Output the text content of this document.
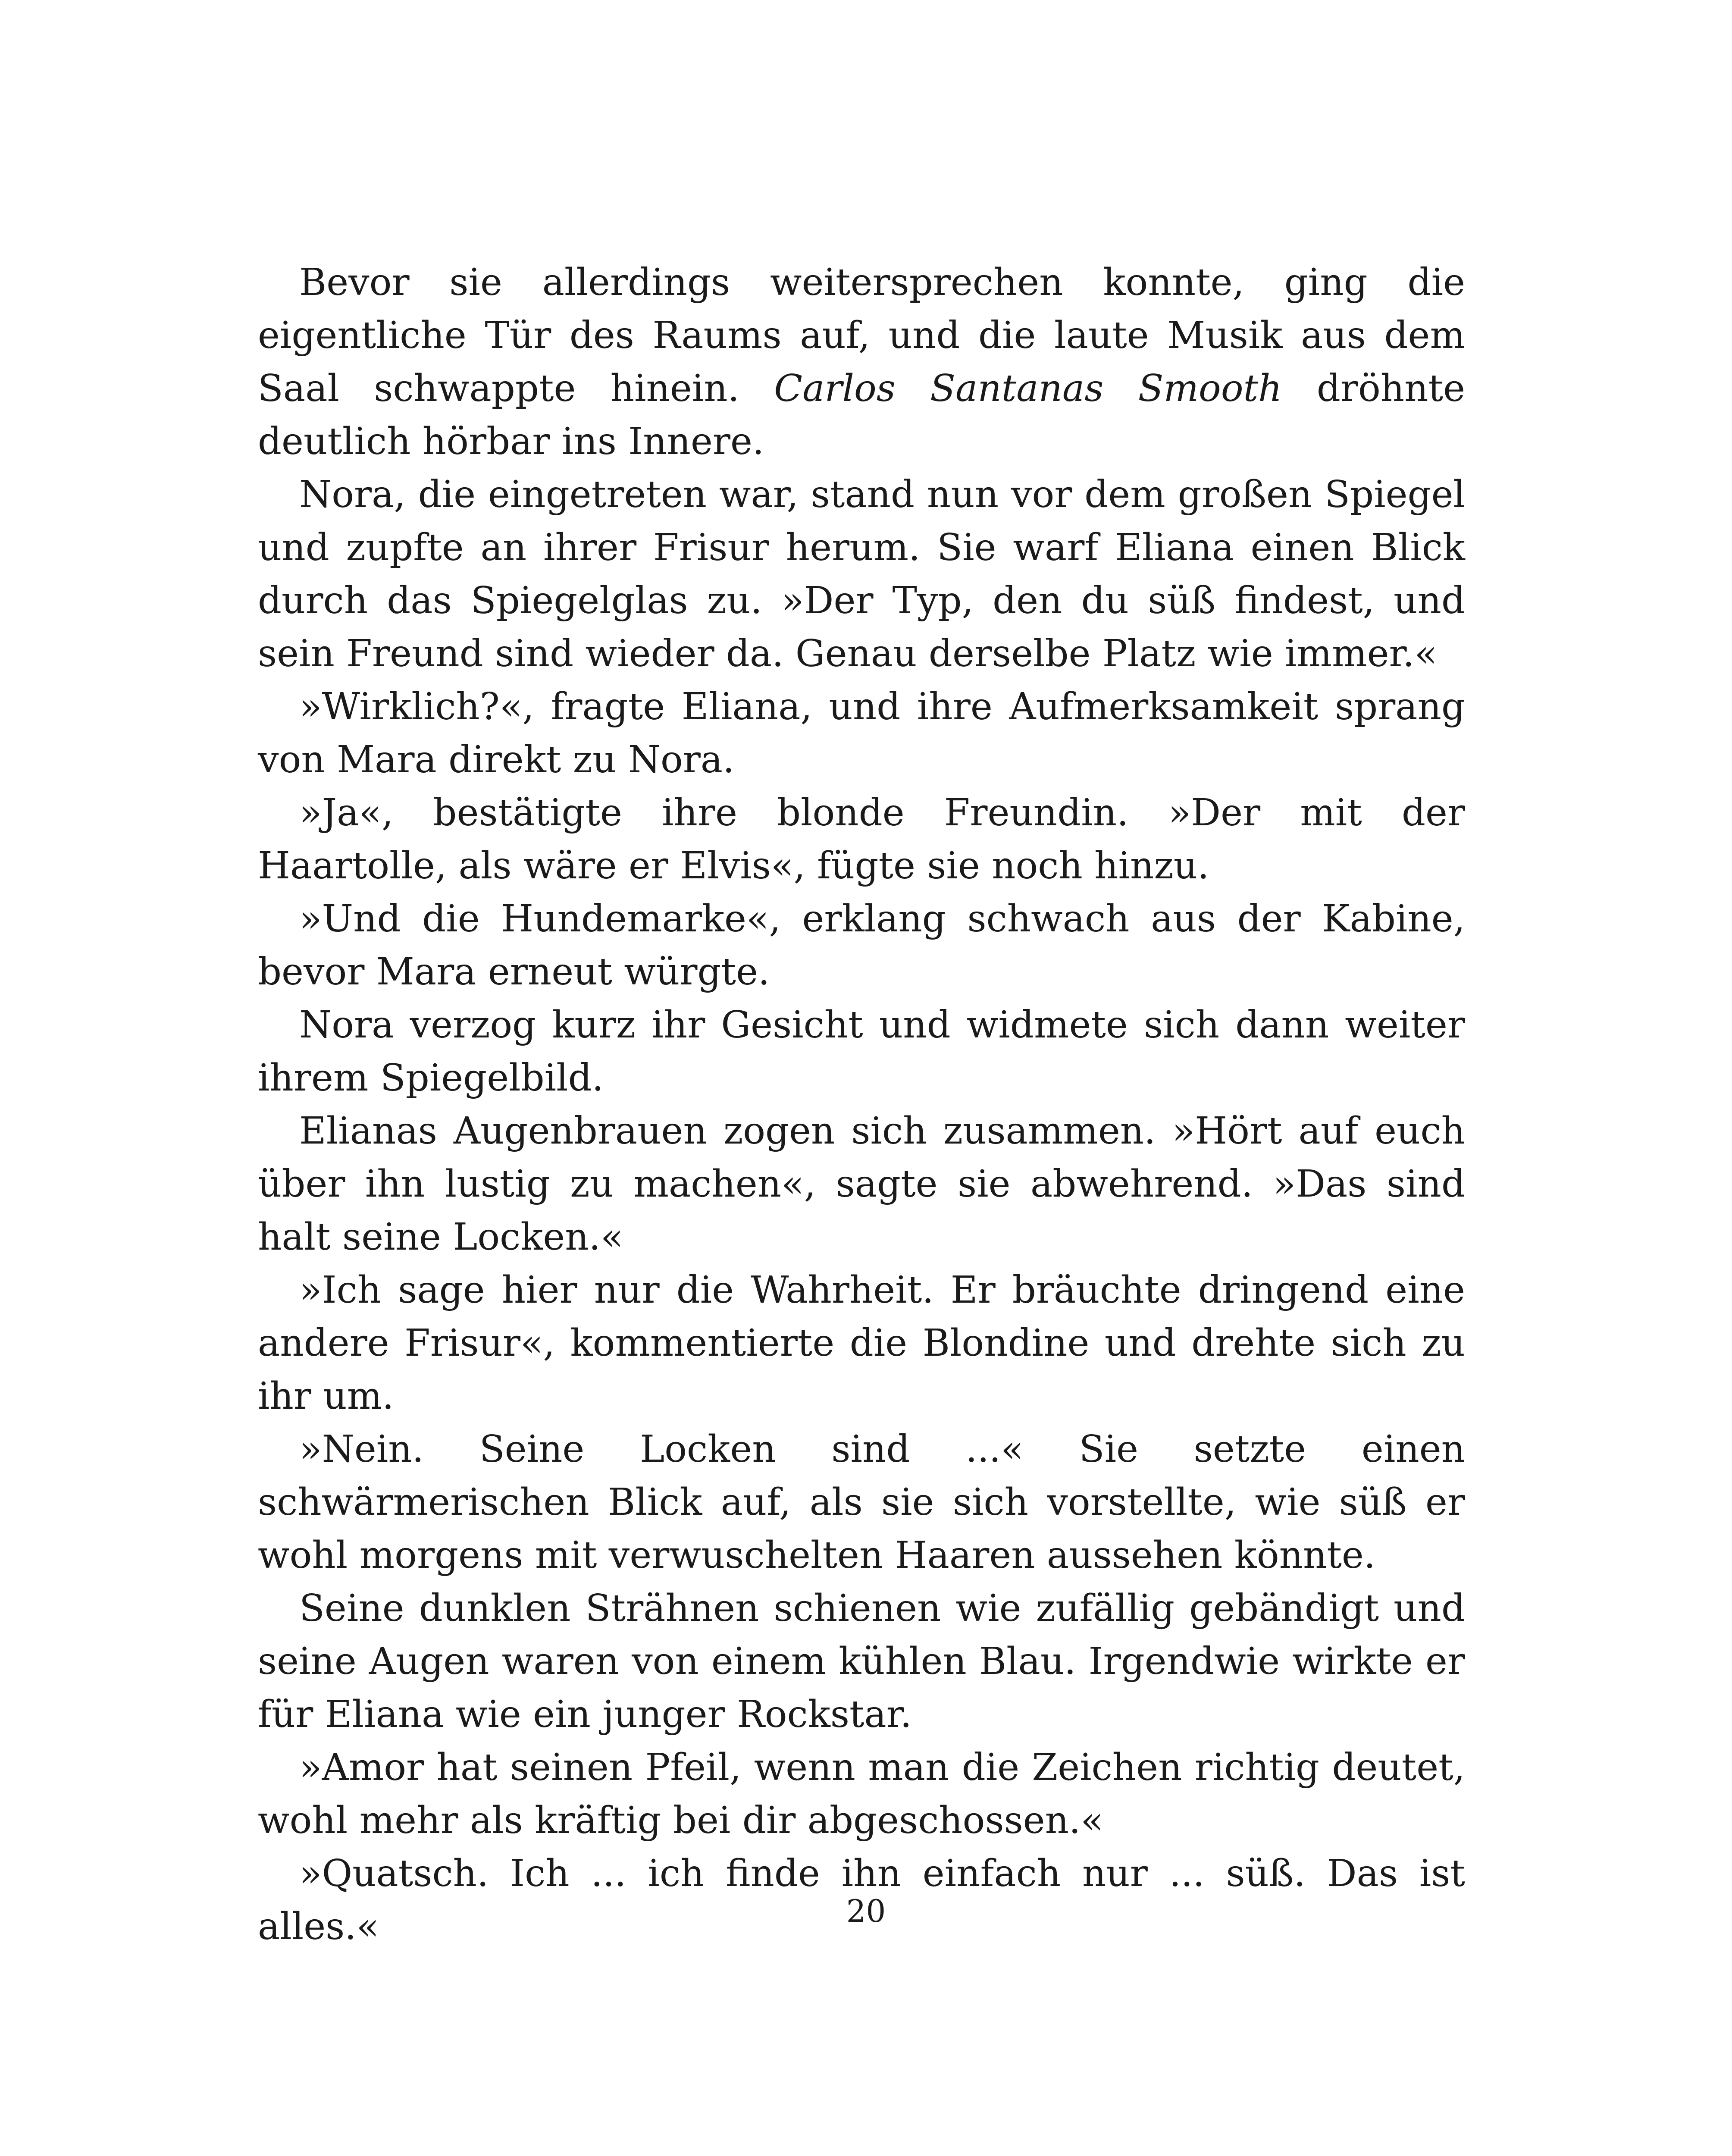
Bevor sie allerdings weitersprechen konnte, ging die eigentliche Tür des Raums auf, und die laute Musik aus dem Saal schwappte hinein. Carlos Santanas Smooth dröhnte deutlich hörbar ins Innere.

Nora, die eingetreten war, stand nun vor dem großen Spiegel und zupfte an ihrer Frisur herum. Sie warf Eliana einen Blick durch das Spiegelglas zu. »Der Typ, den du süß findest, und sein Freund sind wieder da. Genau derselbe Platz wie immer.«

»Wirklich?«, fragte Eliana, und ihre Aufmerksamkeit sprang von Mara direkt zu Nora.

»Ja«, bestätigte ihre blonde Freundin. »Der mit der Haartolle, als wäre er Elvis«, fügte sie noch hinzu.

»Und die Hundemarke«, erklang schwach aus der Kabine, bevor Mara erneut würgte.

Nora verzog kurz ihr Gesicht und widmete sich dann weiter ihrem Spiegelbild.

Elianas Augenbrauen zogen sich zusammen. »Hört auf euch über ihn lustig zu machen«, sagte sie abwehrend. »Das sind halt seine Locken.«

»Ich sage hier nur die Wahrheit. Er bräuchte dringend eine andere Frisur«, kommentierte die Blondine und drehte sich zu ihr um.

»Nein. Seine Locken sind ...« Sie setzte einen schwärmerischen Blick auf, als sie sich vorstellte, wie süß er wohl morgens mit verwuschelten Haaren aussehen könnte.

Seine dunklen Strähnen schienen wie zufällig gebändigt und seine Augen waren von einem kühlen Blau. Irgendwie wirkte er für Eliana wie ein junger Rockstar.

»Amor hat seinen Pfeil, wenn man die Zeichen richtig deutet, wohl mehr als kräftig bei dir abgeschossen.«

»Quatsch. Ich ... ich finde ihn einfach nur ... süß. Das ist alles.«	20
